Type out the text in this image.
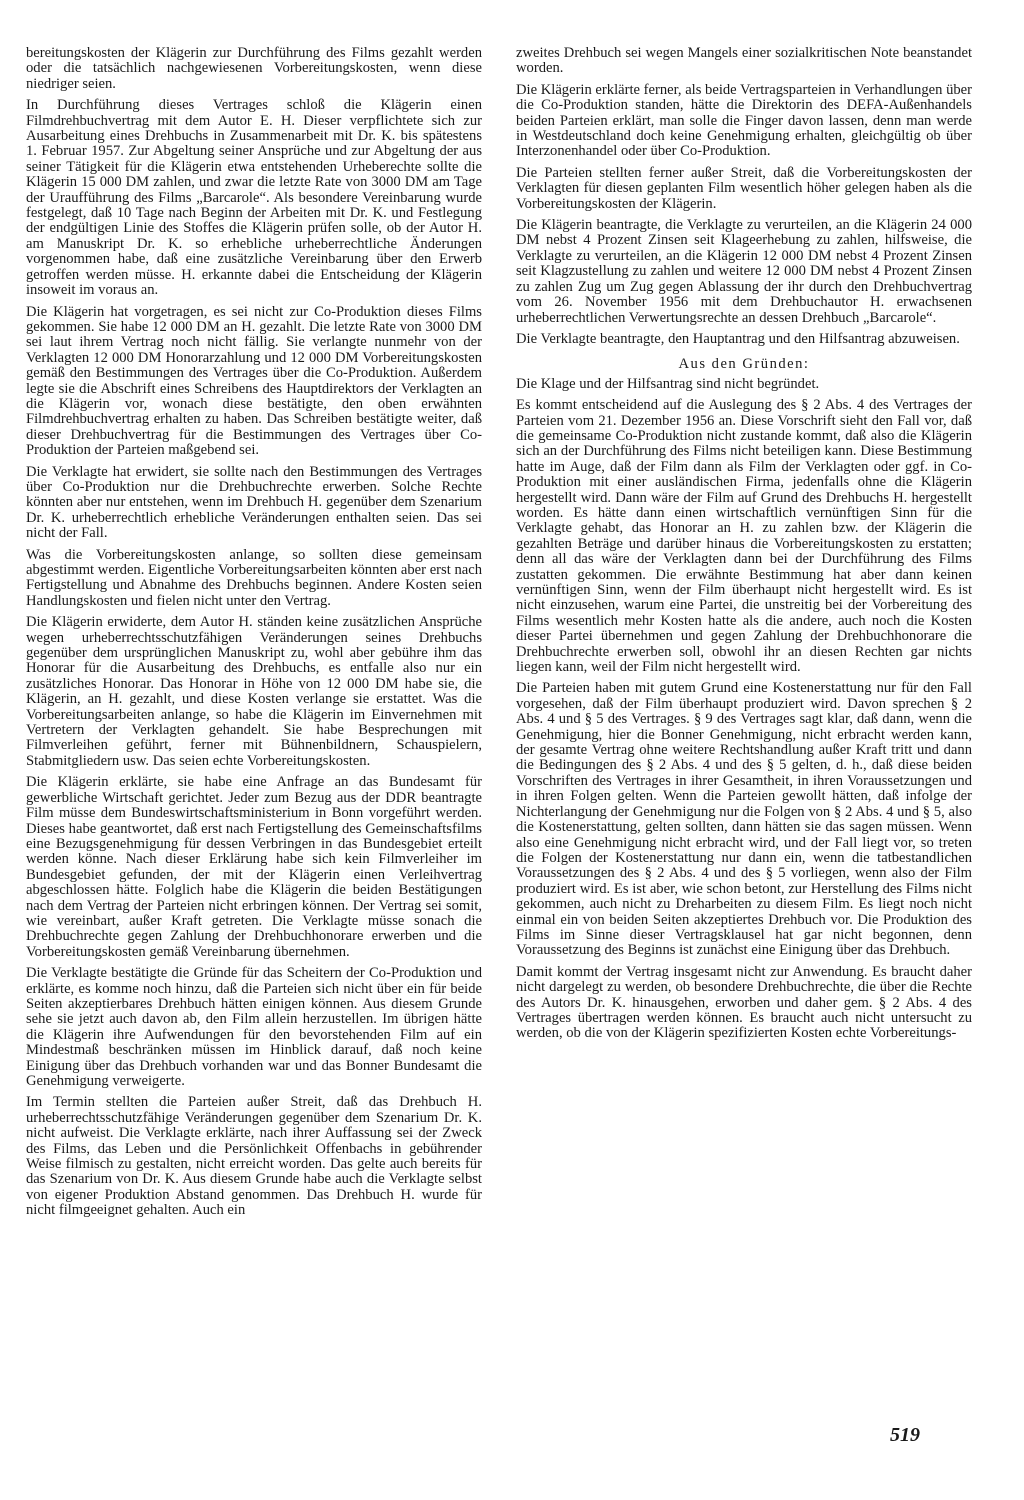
bereitungskosten der Klägerin zur Durchführung des Films gezahlt werden oder die tatsächlich nachgewiesenen Vorbereitungskosten, wenn diese niedriger seien.

In Durchführung dieses Vertrages schloß die Klägerin einen Filmdrehbuchvertrag mit dem Autor E. H. Dieser verpflichtete sich zur Ausarbeitung eines Drehbuchs in Zusammenarbeit mit Dr. K. bis spätestens 1. Februar 1957. Zur Abgeltung seiner Ansprüche und zur Abgeltung der aus seiner Tätigkeit für die Klägerin etwa entstehenden Urheberechte sollte die Klägerin 15 000 DM zahlen, und zwar die letzte Rate von 3000 DM am Tage der Uraufführung des Films „Barcarole“. Als besondere Vereinbarung wurde festgelegt, daß 10 Tage nach Beginn der Arbeiten mit Dr. K. und Festlegung der endgültigen Linie des Stoffes die Klägerin prüfen solle, ob der Autor H. am Manuskript Dr. K. so erhebliche urheberrechtliche Änderungen vorgenommen habe, daß eine zusätzliche Vereinbarung über den Erwerb getroffen werden müsse. H. erkannte dabei die Entscheidung der Klägerin insoweit im voraus an.

Die Klägerin hat vorgetragen, es sei nicht zur Co-Produktion dieses Films gekommen. Sie habe 12 000 DM an H. gezahlt. Die letzte Rate von 3000 DM sei laut ihrem Vertrag noch nicht fällig. Sie verlangte nunmehr von der Verklagten 12 000 DM Honorarzahlung und 12 000 DM Vorbereitungskosten gemäß den Bestimmungen des Vertrages über die Co-Produktion. Außerdem legte sie die Abschrift eines Schreibens des Hauptdirektors der Verklagten an die Klägerin vor, wonach diese bestätigte, den oben erwähnten Filmdrehbuchvertrag erhalten zu haben. Das Schreiben bestätigte weiter, daß dieser Drehbuchvertrag für die Bestimmungen des Vertrages über Co-Produktion der Parteien maßgebend sei.

Die Verklagte hat erwidert, sie sollte nach den Bestimmungen des Vertrages über Co-Produktion nur die Drehbuchrechte erwerben. Solche Rechte könnten aber nur entstehen, wenn im Drehbuch H. gegenüber dem Szenarium Dr. K. urheberrechtlich erhebliche Veränderungen enthalten seien. Das sei nicht der Fall.

Was die Vorbereitungskosten anlange, so sollten diese gemeinsam abgestimmt werden. Eigentliche Vorbereitungsarbeiten könnten aber erst nach Fertigstellung und Abnahme des Drehbuchs beginnen. Andere Kosten seien Handlungskosten und fielen nicht unter den Vertrag.

Die Klägerin erwiderte, dem Autor H. ständen keine zusätzlichen Ansprüche wegen urheberrechtsschutzfähigen Veränderungen seines Drehbuchs gegenüber dem ursprünglichen Manuskript zu, wohl aber gebühre ihm das Honorar für die Ausarbeitung des Drehbuchs, es entfalle also nur ein zusätzliches Honorar. Das Honorar in Höhe von 12 000 DM habe sie, die Klägerin, an H. gezahlt, und diese Kosten verlange sie erstattet. Was die Vorbereitungsarbeiten anlange, so habe die Klägerin im Einvernehmen mit Vertretern der Verklagten gehandelt. Sie habe Besprechungen mit Filmverleihen geführt, ferner mit Bühnenbildnern, Schauspielern, Stabmitgliedern usw. Das seien echte Vorbereitungskosten.

Die Klägerin erklärte, sie habe eine Anfrage an das Bundesamt für gewerbliche Wirtschaft gerichtet. Jeder zum Bezug aus der DDR beantragte Film müsse dem Bundeswirtschaftsministerium in Bonn vorgeführt werden. Dieses habe geantwortet, daß erst nach Fertigstellung des Gemeinschaftsfilms eine Bezugsgenehmigung für dessen Verbringen in das Bundesgebiet erteilt werden könne. Nach dieser Erklärung habe sich kein Filmverleiher im Bundesgebiet gefunden, der mit der Klägerin einen Verleihvertrag abgeschlossen hätte. Folglich habe die Klägerin die beiden Bestätigungen nach dem Vertrag der Parteien nicht erbringen können. Der Vertrag sei somit, wie vereinbart, außer Kraft getreten. Die Verklagte müsse sonach die Drehbuchrechte gegen Zahlung der Drehbuchhonorare erwerben und die Vorbereitungskosten gemäß Vereinbarung übernehmen.

Die Verklagte bestätigte die Gründe für das Scheitern der Co-Produktion und erklärte, es komme noch hinzu, daß die Parteien sich nicht über ein für beide Seiten akzeptierbares Drehbuch hätten einigen können. Aus diesem Grunde sehe sie jetzt auch davon ab, den Film allein herzustellen. Im übrigen hätte die Klägerin ihre Aufwendungen für den bevorstehenden Film auf ein Mindestmaß beschränken müssen im Hinblick darauf, daß noch keine Einigung über das Drehbuch vorhanden war und das Bonner Bundesamt die Genehmigung verweigerte.

Im Termin stellten die Parteien außer Streit, daß das Drehbuch H. urheberrechtsschutzfähige Veränderungen gegenüber dem Szenarium Dr. K. nicht aufweist. Die Verklagte erklärte, nach ihrer Auffassung sei der Zweck des Films, das Leben und die Persönlichkeit Offenbachs in gebührender Weise filmisch zu gestalten, nicht erreicht worden. Das gelte auch bereits für das Szenarium von Dr. K. Aus diesem Grunde habe auch die Verklagte selbst von eigener Produktion Abstand genommen. Das Drehbuch H. wurde für nicht filmgeeignet gehalten. Auch ein

zweites Drehbuch sei wegen Mangels einer sozialkritischen Note beanstandet worden.

Die Klägerin erklärte ferner, als beide Vertragsparteien in Verhandlungen über die Co-Produktion standen, hätte die Direktorin des DEFA-Außenhandels beiden Parteien erklärt, man solle die Finger davon lassen, denn man werde in Westdeutschland doch keine Genehmigung erhalten, gleichgültig ob über Interzonenhandel oder über Co-Produktion.

Die Parteien stellten ferner außer Streit, daß die Vorbereitungskosten der Verklagten für diesen geplanten Film wesentlich höher gelegen haben als die Vorbereitungskosten der Klägerin.

Die Klägerin beantragte, die Verklagte zu verurteilen, an die Klägerin 24 000 DM nebst 4 Prozent Zinsen seit Klageerhebung zu zahlen, hilfsweise, die Verklagte zu verurteilen, an die Klägerin 12 000 DM nebst 4 Prozent Zinsen seit Klagzustellung zu zahlen und weitere 12 000 DM nebst 4 Prozent Zinsen zu zahlen Zug um Zug gegen Ablassung der ihr durch den Drehbuchvertrag vom 26. November 1956 mit dem Drehbuchautor H. erwachsenen urheberrechtlichen Verwertungsrechte an dessen Drehbuch „Barcarole“.

Die Verklagte beantragte, den Hauptantrag und den Hilfsantrag abzuweisen.

Aus den Gründen:

Die Klage und der Hilfsantrag sind nicht begründet.

Es kommt entscheidend auf die Auslegung des § 2 Abs. 4 des Vertrages der Parteien vom 21. Dezember 1956 an. Diese Vorschrift sieht den Fall vor, daß die gemeinsame Co-Produktion nicht zustande kommt, daß also die Klägerin sich an der Durchführung des Films nicht beteiligen kann. Diese Bestimmung hatte im Auge, daß der Film dann als Film der Verklagten oder ggf. in Co-Produktion mit einer ausländischen Firma, jedenfalls ohne die Klägerin hergestellt wird. Dann wäre der Film auf Grund des Drehbuchs H. hergestellt worden. Es hätte dann einen wirtschaftlich vernünftigen Sinn für die Verklagte gehabt, das Honorar an H. zu zahlen bzw. der Klägerin die gezahlten Beträge und darüber hinaus die Vorbereitungskosten zu erstatten; denn all das wäre der Verklagten dann bei der Durchführung des Films zustatten gekommen. Die erwähnte Bestimmung hat aber dann keinen vernünftigen Sinn, wenn der Film überhaupt nicht hergestellt wird. Es ist nicht einzusehen, warum eine Partei, die unstreitig bei der Vorbereitung des Films wesentlich mehr Kosten hatte als die andere, auch noch die Kosten dieser Partei übernehmen und gegen Zahlung der Drehbuchhonorare die Drehbuchrechte erwerben soll, obwohl ihr an diesen Rechten gar nichts liegen kann, weil der Film nicht hergestellt wird.

Die Parteien haben mit gutem Grund eine Kostenerstattung nur für den Fall vorgesehen, daß der Film überhaupt produziert wird. Davon sprechen § 2 Abs. 4 und § 5 des Vertrages. § 9 des Vertrages sagt klar, daß dann, wenn die Genehmigung, hier die Bonner Genehmigung, nicht erbracht werden kann, der gesamte Vertrag ohne weitere Rechtshandlung außer Kraft tritt und dann die Bedingungen des § 2 Abs. 4 und des § 5 gelten, d. h., daß diese beiden Vorschriften des Vertrages in ihrer Gesamtheit, in ihren Voraussetzungen und in ihren Folgen gelten. Wenn die Parteien gewollt hätten, daß infolge der Nichterlangung der Genehmigung nur die Folgen von § 2 Abs. 4 und § 5, also die Kostenerstattung, gelten sollten, dann hätten sie das sagen müssen. Wenn also eine Genehmigung nicht erbracht wird, und der Fall liegt vor, so treten die Folgen der Kostenerstattung nur dann ein, wenn die tatbestandlichen Voraussetzungen des § 2 Abs. 4 und des § 5 vorliegen, wenn also der Film produziert wird. Es ist aber, wie schon betont, zur Herstellung des Films nicht gekommen, auch nicht zu Dreharbeiten zu diesem Film. Es liegt noch nicht einmal ein von beiden Seiten akzeptiertes Drehbuch vor. Die Produktion des Films im Sinne dieser Vertragsklausel hat gar nicht begonnen, denn Voraussetzung des Beginns ist zunächst eine Einigung über das Drehbuch.

Damit kommt der Vertrag insgesamt nicht zur Anwendung. Es braucht daher nicht dargelegt zu werden, ob besondere Drehbuchrechte, die über die Rechte des Autors Dr. K. hinausgehen, erworben und daher gem. § 2 Abs. 4 des Vertrages übertragen werden können. Es braucht auch nicht untersucht zu werden, ob die von der Klägerin spezifizierten Kosten echte Vorbereitungs-

519
